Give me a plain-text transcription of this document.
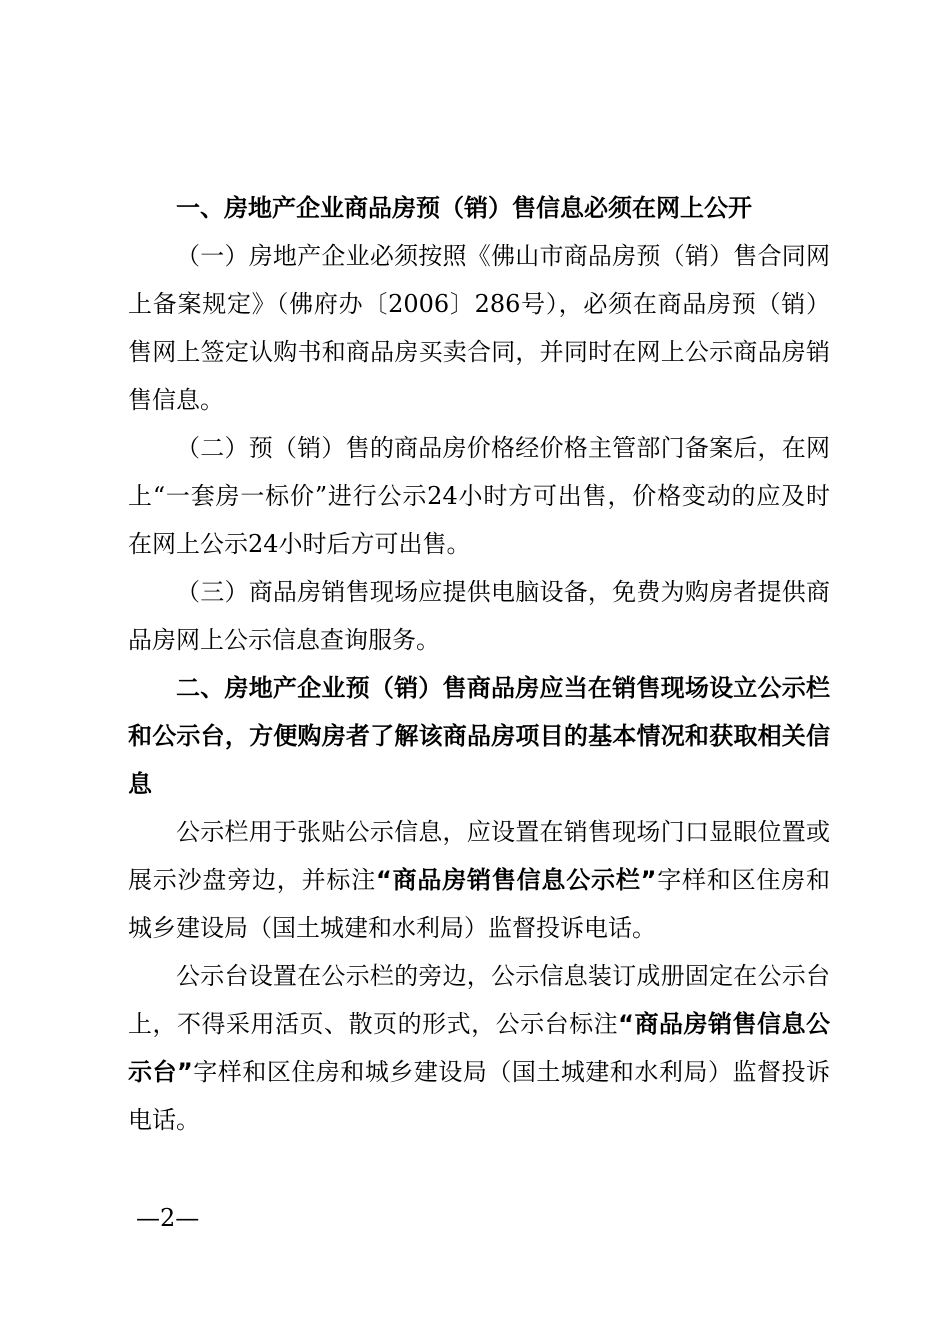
一、房地产企业商品房预（销）售信息必须在网上公开

（一）房地产企业必须按照《佛山市商品房预（销）售合同网上备案规定》（佛府办〔2006〕286号），必须在商品房预（销）售网上签定认购书和商品房买卖合同，并同时在网上公示商品房销售信息。

（二）预（销）售的商品房价格经价格主管部门备案后，在网上“一套房一标价”进行公示24小时方可出售，价格变动的应及时在网上公示24小时后方可出售。

（三）商品房销售现场应提供电脑设备，免费为购房者提供商品房网上公示信息查询服务。

二、房地产企业预（销）售商品房应当在销售现场设立公示栏和公示台，方便购房者了解该商品房项目的基本情况和获取相关信息

公示栏用于张贴公示信息，应设置在销售现场门口显眼位置或展示沙盘旁边，并标注“商品房销售信息公示栏”字样和区住房和城乡建设局（国土城建和水利局）监督投诉电话。

公示台设置在公示栏的旁边，公示信息装订成册固定在公示台上，不得采用活页、散页的形式，公示台标注“商品房销售信息公示台”字样和区住房和城乡建设局（国土城建和水利局）监督投诉电话。

—2—
